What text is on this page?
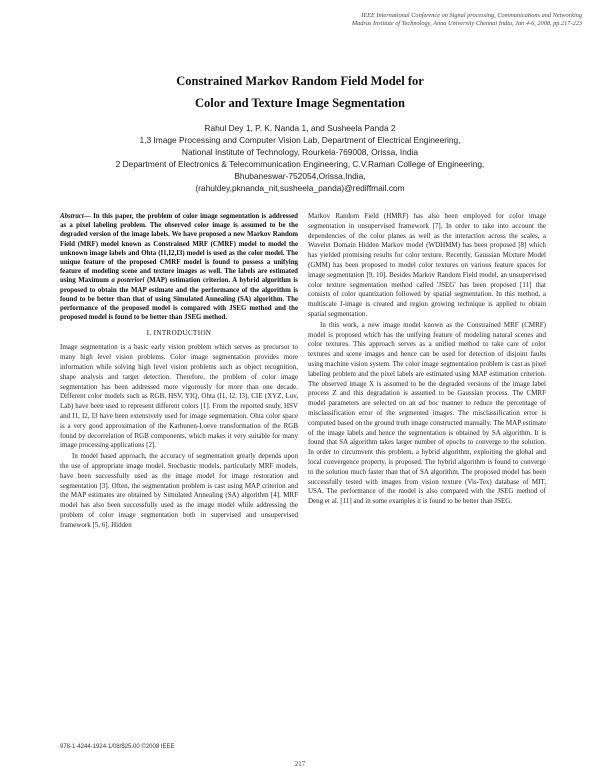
IEEE International Conference on Signal processing, Communications and Networking
Madras Institute of Technology, Anna University Chennai India, Jan 4-6, 2008. pp.217-223
Constrained Markov Random Field Model for
Color and Texture Image Segmentation
Rahul Dey 1, P. K. Nanda 1, and Susheela Panda 2
1,3 Image Processing and Computer Vision Lab, Department of Electrical Engineering,
National Institute of Technology, Rourkela-769008, Orissa, India
2 Department of Electronics & Telecommunication Engineering, C.V.Raman College of Engineering,
Bhubaneswar-752054,Orissa,India,
(rahuldey,pknanda_nit,susheela_panda)@rediffmail.com

Abstract— In this paper, the problem of color image segmentation is addressed as a pixel labeling problem. The observed color image is assumed to be the degraded version of the image labels. We have proposed a new Markov Random Field (MRF) model known as Constrained MRF (CMRF) model to model the unknown image labels and Ohta (I1,I2,I3) model is used as the color model. The unique feature of the proposed CMRF model is found to possess a unifying feature of modeling scene and texture images as well. The labels are estimated using Maximum a posteriori (MAP) estimation criterion. A hybrid algorithm is proposed to obtain the MAP estimate and the performance of the algorithm is found to be better than that of using Simulated Annealing (SA) algorithm. The performance of the proposed model is compared with JSEG method and the proposed model is found to be better than JSEG method.

I. INTRODUCTION

Image segmentation is a basic early vision problem which serves as precursor to many high level vision problems. Color image segmentation provides more information while solving high level vision problems such as object recognition, shape analysis and target detection. Therefore, the problem of color image segmentation has been addressed more vigorously for more than one decade. Different color models such as RGB, HSV, YIQ, Ohta (I1, I2, I3), CIE (XYZ, Luv, Lab) have been used to represent different colors [1]. From the reported study, HSV and I1, I2, I3 have been extensively used for image segmentation. Ohta color space is a very good approximation of the Karhunen-Loeve transformation of the RGB found by decorrelation of RGB components, which makes it very suitable for many image processing applications [2].

In model based approach, the accuracy of segmentation greatly depends upon the use of appropriate image model. Stochastic models, particularly MRF models, have been successfully used as the image model for image restoration and segmentation [3]. Often, the segmentation problem is cast using MAP criterion and the MAP estimates are obtained by Simulated Annealing (SA) algorithm [4]. MRF model has also been successfully used as the image model while addressing the problem of color image segmentation both in supervised and unsupervised framework [5, 6]. Hidden

Markov Random Field (HMRF) has also been employed for color image segmentation in unsupervised framework [7]. In order to take into account the dependencies of the color planes as well as the interaction across the scales, a Wavelet Domain Hidden Markov model (WDHMM) has been proposed [8] which has yielded promising results for color texture. Recently, Gaussian Mixture Model (GMM) has been proposed to model color textures on various feature spaces for image segmentation [9, 10]. Besides Markov Random Field model, an unsupervised color texture segmentation method called 'JSEG' has been proposed [11] that consists of color quantization followed by spatial segmentation. In this method, a multiscale J-image is created and region growing technique is applied to obtain spatial segmentation.

In this work, a new image model known as the Constrained MRF (CMRF) model is proposed which has the unifying feature of modeling natural scenes and color textures. This approach serves as a unified method to take care of color textures and scene images and hence can be used for detection of disjoint faults using machine vision system. The color image segmentation problem is cast as pixel labeling problem and the pixel labels are estimated using MAP estimation criterion. The observed image X is assumed to be the degraded versions of the image label process Z and this degradation is assumed to be Gaussian process. The CMRF model parameters are selected on an ad hoc manner to reduce the percentage of misclassification error of the segmented images. The misclassification error is computed based on the ground truth image constructed manually. The MAP estimate of the image labels and hence the segmentation is obtained by SA algorithm. It is found that SA algorithm takes larger number of epochs to converge to the solution. In order to circumvent this problem, a hybrid algorithm, exploiting the global and local convergence property, is proposed. The hybrid algorithm is found to converge to the solution much faster than that of SA algorithm. The proposed model has been successfully tested with images from vision texture (Vis-Tex) database of MIT, USA. The performance of the model is also compared with the JSEG method of Deng et al. [11] and in some examples it is found to be better than JSEG.

978-1-4244-1924-1/08/$25.00 ©2008 IEEE
217
